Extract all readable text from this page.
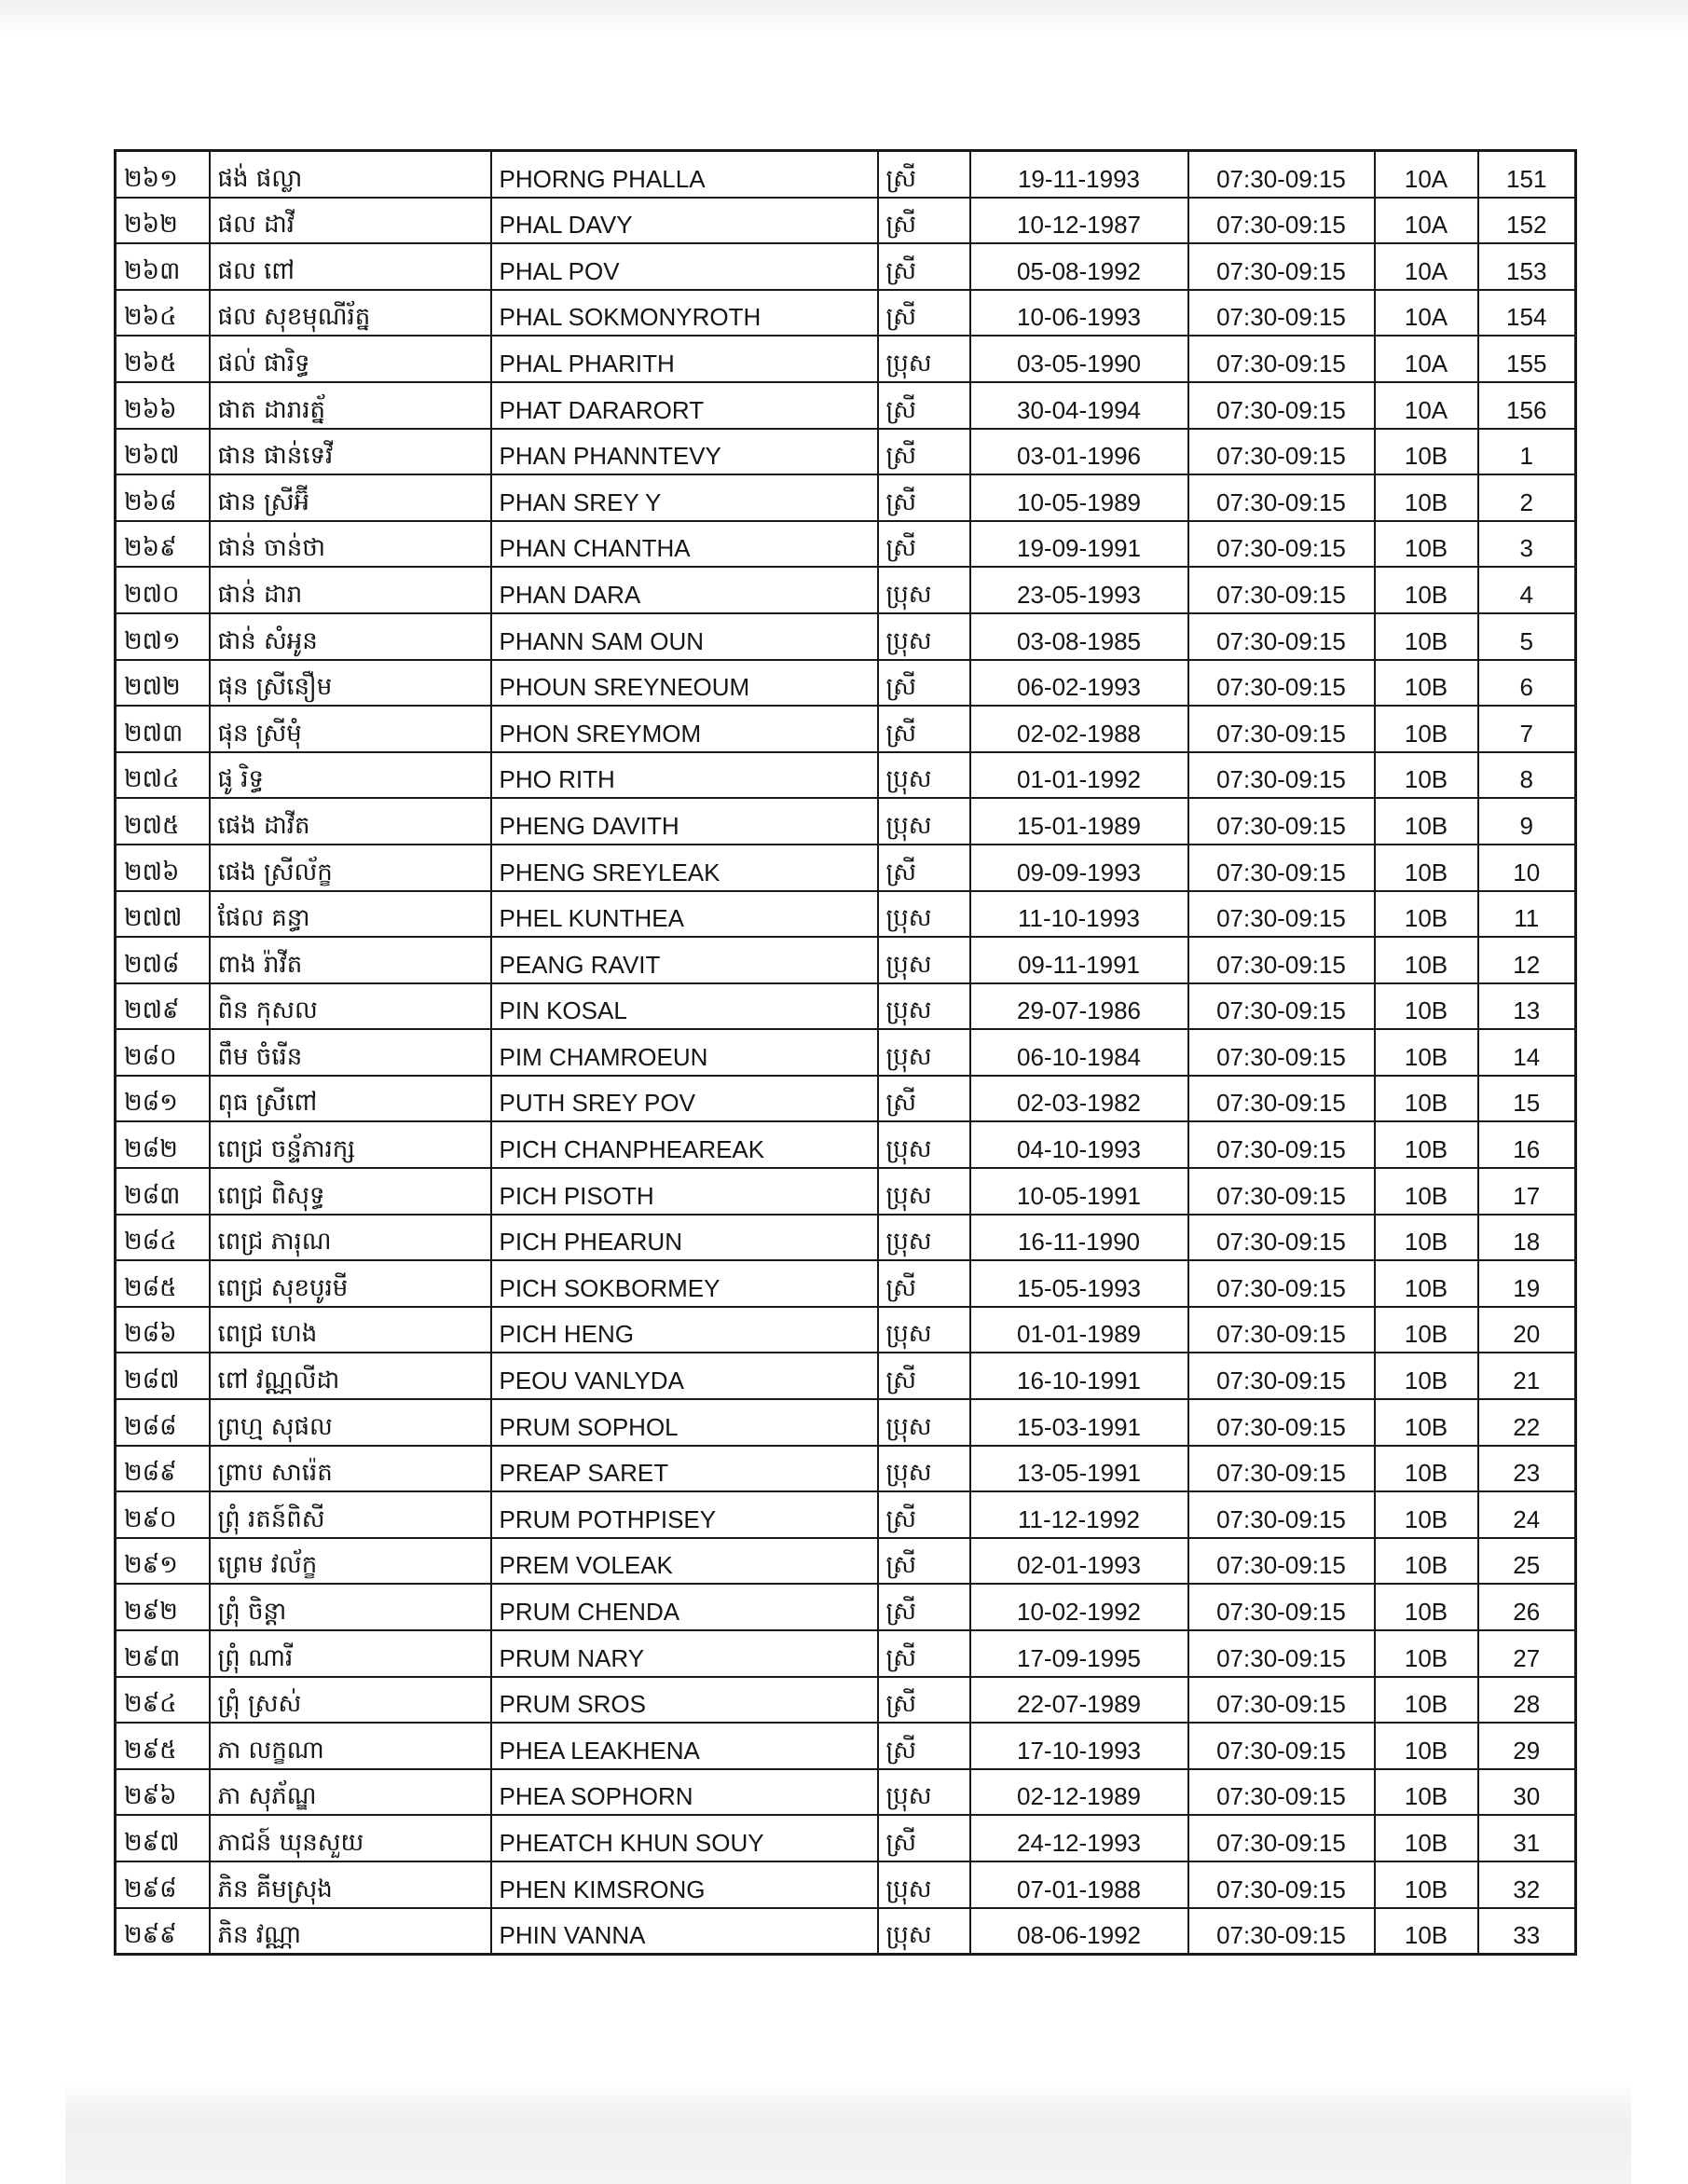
២៦១	ផង់ ផល្លា	PHORNG PHALLA	ស្រី	19-11-1993	07:30-09:15	10A	151
២៦២	ផល ដាវី	PHAL DAVY	ស្រី	10-12-1987	07:30-09:15	10A	152
២៦៣	ផល ពៅ	PHAL POV	ស្រី	05-08-1992	07:30-09:15	10A	153
២៦៤	ផល សុខមុណីរ័ត្ន	PHAL SOKMONYROTH	ស្រី	10-06-1993	07:30-09:15	10A	154
២៦៥	ផល់ ផារិទ្ធ	PHAL PHARITH	ប្រុស	03-05-1990	07:30-09:15	10A	155
២៦៦	ផាត ដារារត្ន័	PHAT DARARORT	ស្រី	30-04-1994	07:30-09:15	10A	156
២៦៧	ផាន ផាន់ទេវី	PHAN PHANNTEVY	ស្រី	03-01-1996	07:30-09:15	10B	1
២៦៨	ផាន ស្រីអ៊ី	PHAN SREY Y	ស្រី	10-05-1989	07:30-09:15	10B	2
២៦៩	ផាន់ ចាន់ថា	PHAN CHANTHA	ស្រី	19-09-1991	07:30-09:15	10B	3
២៧០	ផាន់ ដារា	PHAN DARA	ប្រុស	23-05-1993	07:30-09:15	10B	4
២៧១	ផាន់ សំអូន	PHANN SAM OUN	ប្រុស	03-08-1985	07:30-09:15	10B	5
២៧២	ផុន ស្រីនឿម	PHOUN SREYNEOUM	ស្រី	06-02-1993	07:30-09:15	10B	6
២៧៣	ផុន ស្រីមុំ	PHON SREYMOM	ស្រី	02-02-1988	07:30-09:15	10B	7
២៧៤	ផូ រិទ្ធ	PHO RITH	ប្រុស	01-01-1992	07:30-09:15	10B	8
២៧៥	ផេង ដាវីត	PHENG DAVITH	ប្រុស	15-01-1989	07:30-09:15	10B	9
២៧៦	ផេង ស្រីល័ក្ខ	PHENG SREYLEAK	ស្រី	09-09-1993	07:30-09:15	10B	10
២៧៧	ផែល គន្ធា	PHEL KUNTHEA	ប្រុស	11-10-1993	07:30-09:15	10B	11
២៧៨	ពាង រ៉ាវីត	PEANG RAVIT	ប្រុស	09-11-1991	07:30-09:15	10B	12
២៧៩	ពិន កុសល	PIN KOSAL	ប្រុស	29-07-1986	07:30-09:15	10B	13
២៨០	ពឹម ចំរើន	PIM CHAMROEUN	ប្រុស	06-10-1984	07:30-09:15	10B	14
២៨១	ពុធ ស្រីពៅ	PUTH SREY POV	ស្រី	02-03-1982	07:30-09:15	10B	15
២៨២	ពេជ្រ ចន្ទ័ភារក្ស	PICH CHANPHEAREAK	ប្រុស	04-10-1993	07:30-09:15	10B	16
២៨៣	ពេជ្រ ពិសុទ្ធ	PICH PISOTH	ប្រុស	10-05-1991	07:30-09:15	10B	17
២៨៤	ពេជ្រ ភារុណ	PICH PHEARUN	ប្រុស	16-11-1990	07:30-09:15	10B	18
២៨៥	ពេជ្រ សុខបូរមី	PICH SOKBORMEY	ស្រី	15-05-1993	07:30-09:15	10B	19
២៨៦	ពេជ្រ ហេង	PICH HENG	ប្រុស	01-01-1989	07:30-09:15	10B	20
២៨៧	ពៅ វណ្ណលីដា	PEOU VANLYDA	ស្រី	16-10-1991	07:30-09:15	10B	21
២៨៨	ព្រហ្ម សុផល	PRUM SOPHOL	ប្រុស	15-03-1991	07:30-09:15	10B	22
២៨៩	ព្រាប សារ៉េត	PREAP SARET	ប្រុស	13-05-1991	07:30-09:15	10B	23
២៩០	ព្រុំ រតន៍ពិសី	PRUM POTHPISEY	ស្រី	11-12-1992	07:30-09:15	10B	24
២៩១	ព្រេម វល័ក្ខ	PREM VOLEAK	ស្រី	02-01-1993	07:30-09:15	10B	25
២៩២	ព្រុំ ចិន្តា	PRUM CHENDA	ស្រី	10-02-1992	07:30-09:15	10B	26
២៩៣	ព្រុំ ណារី	PRUM NARY	ស្រី	17-09-1995	07:30-09:15	10B	27
២៩៤	ព្រុំ ស្រស់	PRUM SROS	ស្រី	22-07-1989	07:30-09:15	10B	28
២៩៥	ភា លក្ខណា	PHEA LEAKHENA	ស្រី	17-10-1993	07:30-09:15	10B	29
២៩៦	ភា សុភ័ណ្ឌ	PHEA SOPHORN	ប្រុស	02-12-1989	07:30-09:15	10B	30
២៩៧	ភាជន៍ ឃុនសួយ	PHEATCH KHUN SOUY	ស្រី	24-12-1993	07:30-09:15	10B	31
២៩៨	ភិន គីមស្រុង	PHEN KIMSRONG	ប្រុស	07-01-1988	07:30-09:15	10B	32
២៩៩	ភិន វណ្ណា	PHIN VANNA	ប្រុស	08-06-1992	07:30-09:15	10B	33
